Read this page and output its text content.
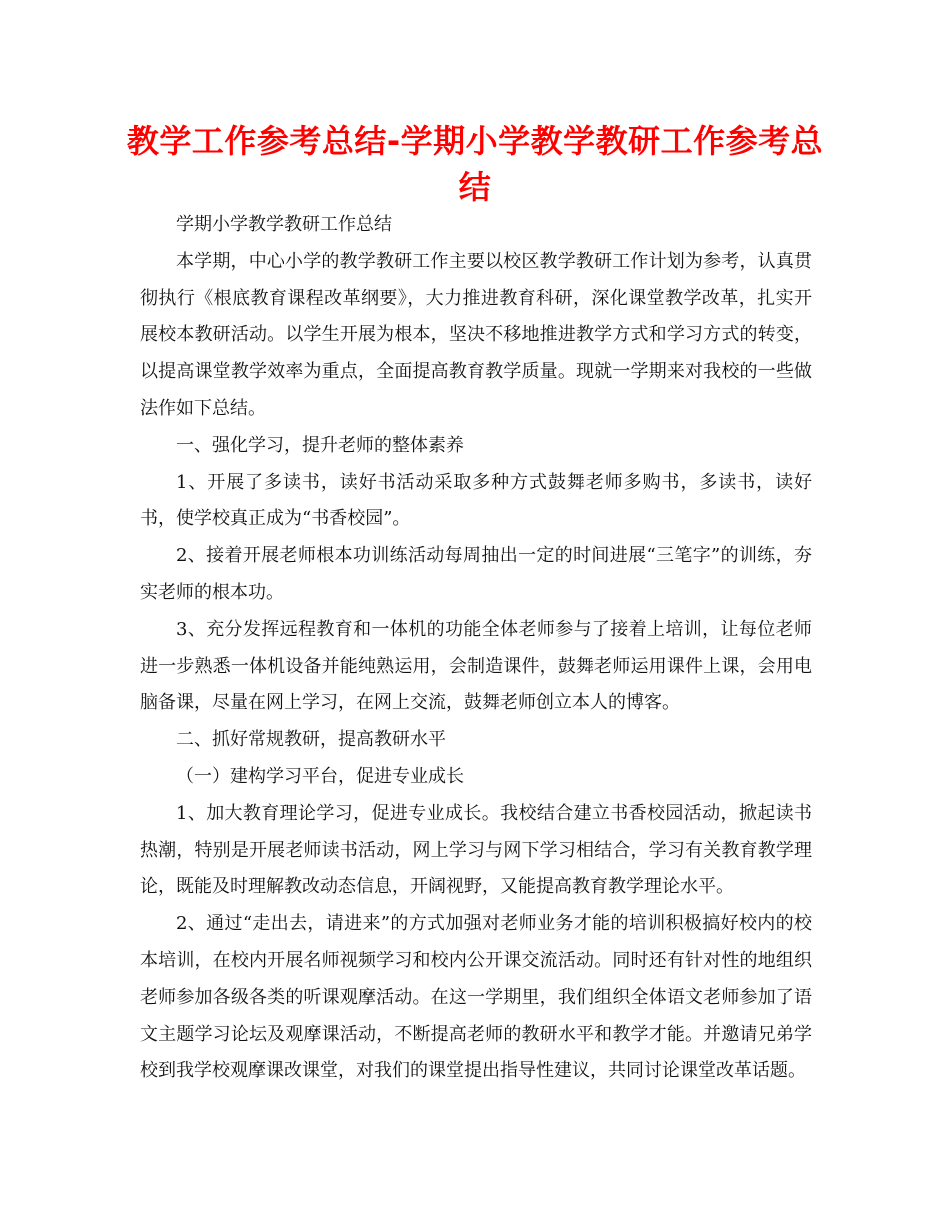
教学工作参考总结-学期小学教学教研工作参考总结

学期小学教学教研工作总结

本学期，中心小学的教学教研工作主要以校区教学教研工作计划为参考，认真贯彻执行《根底教育课程改革纲要》，大力推进教育科研，深化课堂教学改革，扎实开展校本教研活动。以学生开展为根本，坚决不移地推进教学方式和学习方式的转变，以提高课堂教学效率为重点，全面提高教育教学质量。现就一学期来对我校的一些做法作如下总结。

一、强化学习，提升老师的整体素养

1、开展了多读书，读好书活动采取多种方式鼓舞老师多购书，多读书，读好书，使学校真正成为“书香校园”。

2、接着开展老师根本功训练活动每周抽出一定的时间进展“三笔字”的训练，夯实老师的根本功。

3、充分发挥远程教育和一体机的功能全体老师参与了接着上培训，让每位老师进一步熟悉一体机设备并能纯熟运用，会制造课件，鼓舞老师运用课件上课，会用电脑备课，尽量在网上学习，在网上交流，鼓舞老师创立本人的博客。

二、抓好常规教研，提高教研水平

（一）建构学习平台，促进专业成长

1、加大教育理论学习，促进专业成长。我校结合建立书香校园活动，掀起读书热潮，特别是开展老师读书活动，网上学习与网下学习相结合，学习有关教育教学理论，既能及时理解教改动态信息，开阔视野，又能提高教育教学理论水平。

2、通过“走出去，请进来”的方式加强对老师业务才能的培训积极搞好校内的校本培训，在校内开展名师视频学习和校内公开课交流活动。同时还有针对性的地组织老师参加各级各类的听课观摩活动。在这一学期里，我们组织全体语文老师参加了语文主题学习论坛及观摩课活动，不断提高老师的教研水平和教学才能。并邀请兄弟学校到我学校观摩课改课堂，对我们的课堂提出指导性建议，共同讨论课堂改革话题。
